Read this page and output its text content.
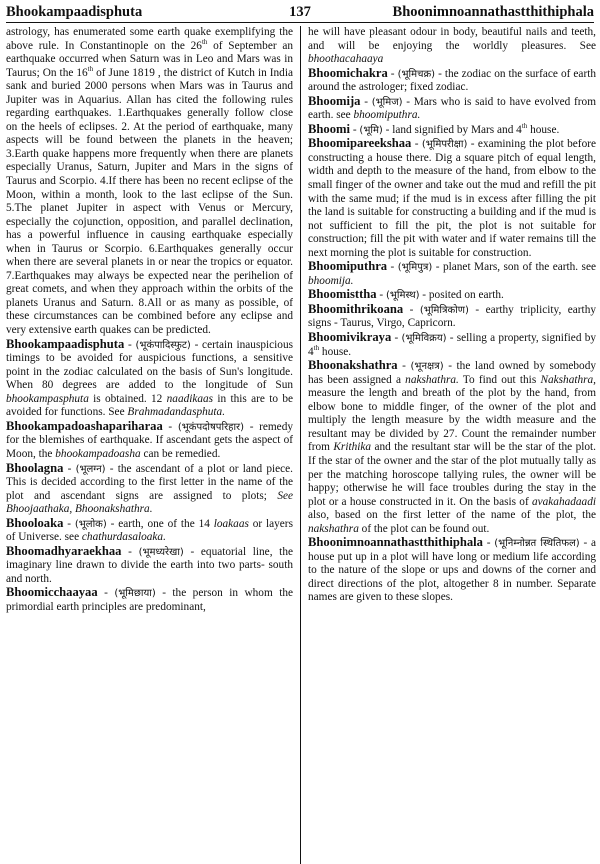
Bhookampaadisphuta	137	Bhoonimnoannathastthithiphala

astrology, has enumerated some earth quake exemplifying the above rule. In Constantinople on the 26th of September an earthquake occurred when Saturn was in Leo and Mars was in Taurus; On the 16th of June 1819 , the district of Kutch in India sank and buried 2000 persons when Mars was in Taurus and Jupiter was in Aquarius. Allan has cited the following rules regarding earthquakes. 1.Earthquakes generally follow close on the heels of eclipses. 2. At the period of earthquake, many aspects will be found between the planets in the heaven; 3.Earth quake happens more frequently when there are planets especially Uranus, Saturn, Jupiter and Mars in the signs of Taurus and Scorpio. 4.If there has been no recent eclipse of the Moon, within a month, look to the last eclipse of the Sun. 5.The planet Jupiter in aspect with Venus or Mercury, especially the cojunction, opposition, and parallel declination, has a powerful influence in causing earthquake especially when in Taurus or Scorpio. 6.Earthquakes generally occur when there are several planets in or near the tropics or equator. 7.Earthquakes may always be expected near the perihelion of great comets, and when they approach within the orbits of the planets Uranus and Saturn. 8.All or as many as possible, of these circumstances can be combined before any eclipse and very extensive earth quakes can be predicted.

Bhookampaadisphuta - (भूकंपादिस्फुट) - certain inauspicious timings to be avoided for auspicious functions, a sensitive point in the zodiac calculated on the basis of Sun's longitude. When 80 degrees are added to the longitude of Sun bhookampasphuta is obtained. 12 naadikaas in this are to be avoided for functions. See Brahmadandasphuta.

Bhookampadoashapariharaa - (भूकंपदोषपरिहार) - remedy for the blemishes of earthquake. If ascendant gets the aspect of Moon, the bhookampadoasha can be remedied.

Bhoolagna - (भूलग्न) - the ascendant of a plot or land piece. This is decided according to the first letter in the name of the plot and ascendant signs are assigned to plots; See Bhoojaathaka, Bhoonakshathra.

Bhooloaka - (भूलोक) - earth, one of the 14 loakaas or layers of Universe. see chathurdasaloaka.

Bhoomadhyaraekhaa - (भूमध्यरेखा) - equatorial line, the imaginary line drawn to divide the earth into two parts- south and north.

Bhoomicchaayaa - (भूमिछाया) - the person in whom the primordial earth principles are predominant,

he will have pleasant odour in body, beautiful nails and teeth, and will be enjoying the worldly pleasures. See bhoothacahaaya

Bhoomichakra - (भूमिचक्र) - the zodiac on the surface of earth around the astrologer; fixed zodiac.

Bhoomija - (भूमिज) - Mars who is said to have evolved from earth. see bhoomiputhra.

Bhoomi - (भूमि) - land signified by Mars and 4th house.

Bhoomipareekshaa - (भूमिपरीक्षा) - examining the plot before constructing a house there. Dig a square pitch of equal length, width and depth to the measure of the hand, from elbow to the small finger of the owner and take out the mud and refill the pit with the same mud; if the mud is in excess after filling the pit the land is suitable for constructing a building and if the mud is not sufficient to fill the pit, the plot is not suitable for construction; fill the pit with water and if water remains till the next morning the plot is suitable for construction.

Bhoomiputhra - (भूमिपुत्र) - planet Mars, son of the earth. see bhoomija.

Bhoomisttha - (भूमिस्थ) - posited on earth.

Bhoomithrikoana - (भूमित्रिकोण) - earthy triplicity, earthy signs - Taurus, Virgo, Capricorn.

Bhoomivikraya - (भूमिविक्रय) - selling a property, signified by 4th house.

Bhoonakshathra - (भूनक्षत्र) - the land owned by somebody has been assigned a nakshathra. To find out this Nakshathra, measure the length and breath of the plot by the hand, from elbow bone to middle finger, of the owner of the plot and multiply the length measure by the width measure and the resultant may be divided by 27. Count the remainder number from Krithika and the resultant star will be the star of the plot. If the star of the owner and the star of the plot mutually tally as per the matching horoscope tallying rules, the owner will be happy; otherwise he will face troubles during the stay in the plot or a house constructed in it. On the basis of avakahadaadi also, based on the first letter of the name of the plot, the nakshathra of the plot can be found out.

Bhoonimnoannathastthithiphala - (भूनिम्नोन्नत स्थितिफल) - a house put up in a plot will have long or medium life according to the nature of the slope or ups and downs of the corner and direct directions of the plot, altogether 8 in number. Separate names are given to these slopes.
